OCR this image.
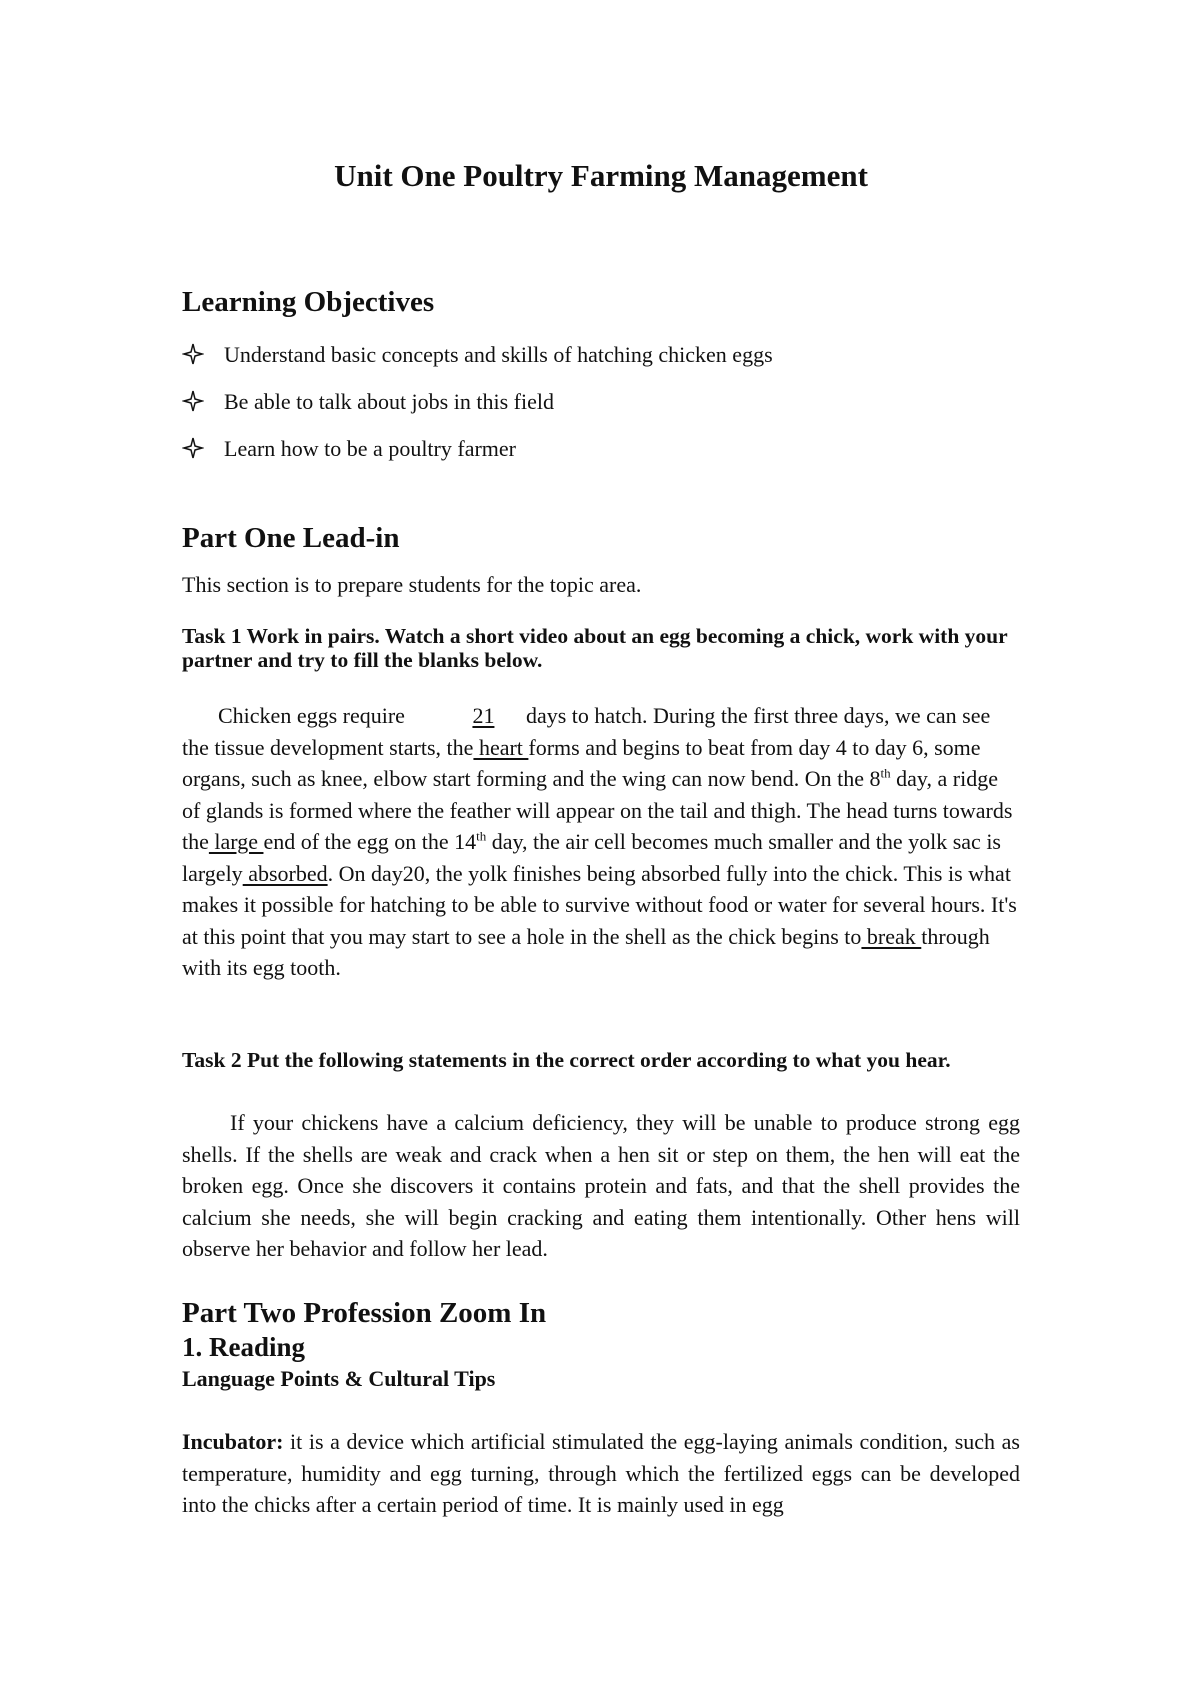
Unit One Poultry Farming Management
Learning Objectives
Understand basic concepts and skills of hatching chicken eggs
Be able to talk about jobs in this field
Learn how to be a poultry farmer
Part One Lead-in

This section is to prepare students for the topic area.

Task 1 Work in pairs. Watch a short video about an egg becoming a chick, work with your partner and try to fill the blanks below.

Chicken eggs require	21 days to hatch. During the first three days, we can see the tissue development starts, the heart forms and begins to beat from day 4 to day 6, some organs, such as knee, elbow start forming and the wing can now bend. On the 8th day, a ridge of glands is formed where the feather will appear on the tail and thigh. The head turns towards the large end of the egg on the 14th day, the air cell becomes much smaller and the yolk sac is largely absorbed. On day20, the yolk finishes being absorbed fully into the chick. This is what makes it possible for hatching to be able to survive without food or water for several hours. It's at this point that you may start to see a hole in the shell as the chick begins to break through with its egg tooth.

Task 2 Put the following statements in the correct order according to what you hear.

If your chickens have a calcium deficiency, they will be unable to produce strong egg shells. If the shells are weak and crack when a hen sit or step on them, the hen will eat the broken egg. Once she discovers it contains protein and fats, and that the shell provides the calcium she needs, she will begin cracking and eating them intentionally. Other hens will observe her behavior and follow her lead.

Part Two Profession Zoom In
1. Reading
Language Points & Cultural Tips

Incubator: it is a device which artificial stimulated the egg-laying animals condition, such as temperature, humidity and egg turning, through which the fertilized eggs can be developed into the chicks after a certain period of time. It is mainly used in egg
